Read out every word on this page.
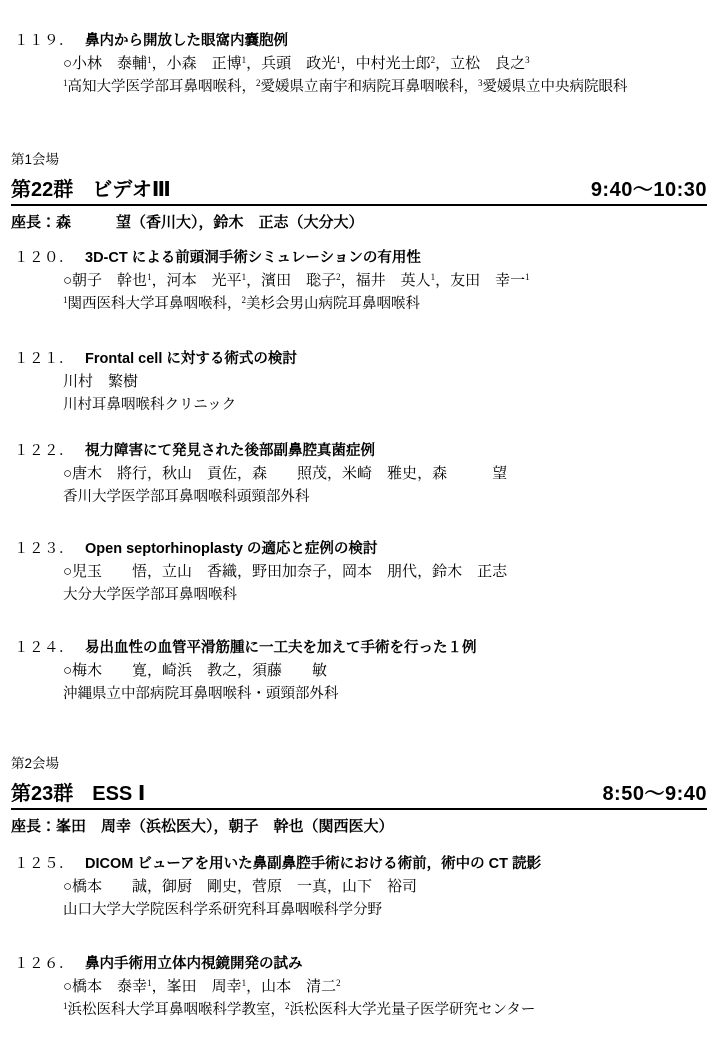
１１９． 鼻内から開放した眼窩内嚢胞例
○小林　泰輔$^1$，小森　正博$^1$，兵頭　政光$^1$，中村光士郎$^2$，立松　良之$^3$
$^1$高知大学医学部耳鼻咽喉科，$^2$愛媛県立南宇和病院耳鼻咽喉科，$^3$愛媛県立中央病院眼科
第1会場
第22群 ビデオⅢ	9:40～10:30
座長：森　　　望（香川大），鈴木　正志（大分大）
１２０． 3D-CT による前頭洞手術シミュレーションの有用性
○朝子　幹也$^1$，河本　光平$^1$，濱田　聡子$^2$，福井　英人$^1$，友田　幸一$^1$
$^1$関西医科大学耳鼻咽喉科，$^2$美杉会男山病院耳鼻咽喉科
１２１． Frontal cell に対する術式の検討
川村　繁樹
川村耳鼻咽喉科クリニック
１２２． 視力障害にて発見された後部副鼻腔真菌症例
○唐木　將行，秋山　貢佐，森　　照茂，米崎　雅史，森　　　望
香川大学医学部耳鼻咽喉科頭頸部外科
１２３． Open septorhinoplasty の適応と症例の検討
○児玉　　悟，立山　香織，野田加奈子，岡本　朋代，鈴木　正志
大分大学医学部耳鼻咽喉科
１２４． 易出血性の血管平滑筋腫に一工夫を加えて手術を行った１例
○梅木　　寛，崎浜　教之，須藤　　敏
沖縄県立中部病院耳鼻咽喉科・頭頸部外科
第2会場
第23群 ESS Ⅰ	8:50～9:40
座長：峯田　周幸（浜松医大），朝子　幹也（関西医大）
１２５． DICOM ビューアを用いた鼻副鼻腔手術における術前，術中の CT 読影
○橋本　　誠，御厨　剛史，菅原　一真，山下　裕司
山口大学大学院医科学系研究科耳鼻咽喉科学分野
１２６． 鼻内手術用立体内視鏡開発の試み
○橋本　泰幸$^1$，峯田　周幸$^1$，山本　清二$^2$
$^1$浜松医科大学耳鼻咽喉科学教室，$^2$浜松医科大学光量子医学研究センター
